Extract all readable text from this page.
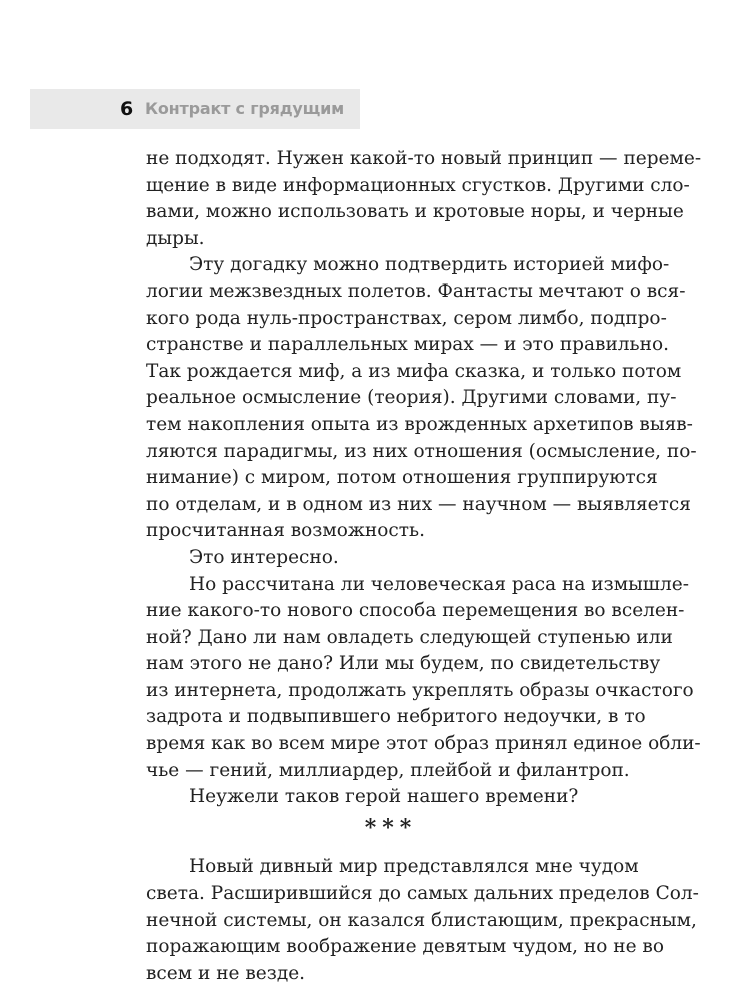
6 Контракт с грядущим
не подходят. Нужен какой-то новый принцип — переме-
щение в виде информационных сгустков. Другими сло-
вами, можно использовать и кротовые норы, и черные
дыры.
Эту догадку можно подтвердить историей мифо-
логии межзвездных полетов. Фантасты мечтают о вся-
кого рода нуль-пространствах, сером лимбо, подпро-
странстве и параллельных мирах — и это правильно.
Так рождается миф, а из мифа сказка, и только потом
реальное осмысление (теория). Другими словами, пу-
тем накопления опыта из врожденных архетипов выяв-
ляются парадигмы, из них отношения (осмысление, по-
нимание) с миром, потом отношения группируются
по отделам, и в одном из них — научном — выявляется
просчитанная возможность.
Это интересно.
Но рассчитана ли человеческая раса на измышле-
ние какого-то нового способа перемещения во вселен-
ной? Дано ли нам овладеть следующей ступенью или
нам этого не дано? Или мы будем, по свидетельству
из интернета, продолжать укреплять образы очкастого
задрота и подвыпившего небритого недоучки, в то
время как во всем мире этот образ принял единое обли-
чье — гений, миллиардер, плейбой и филантроп.
Неужели таков герой нашего времени?
***
Новый дивный мир представлялся мне чудом
света. Расширившийся до самых дальних пределов Сол-
нечной системы, он казался блистающим, прекрасным,
поражающим воображение девятым чудом, но не во
всем и не везде.
